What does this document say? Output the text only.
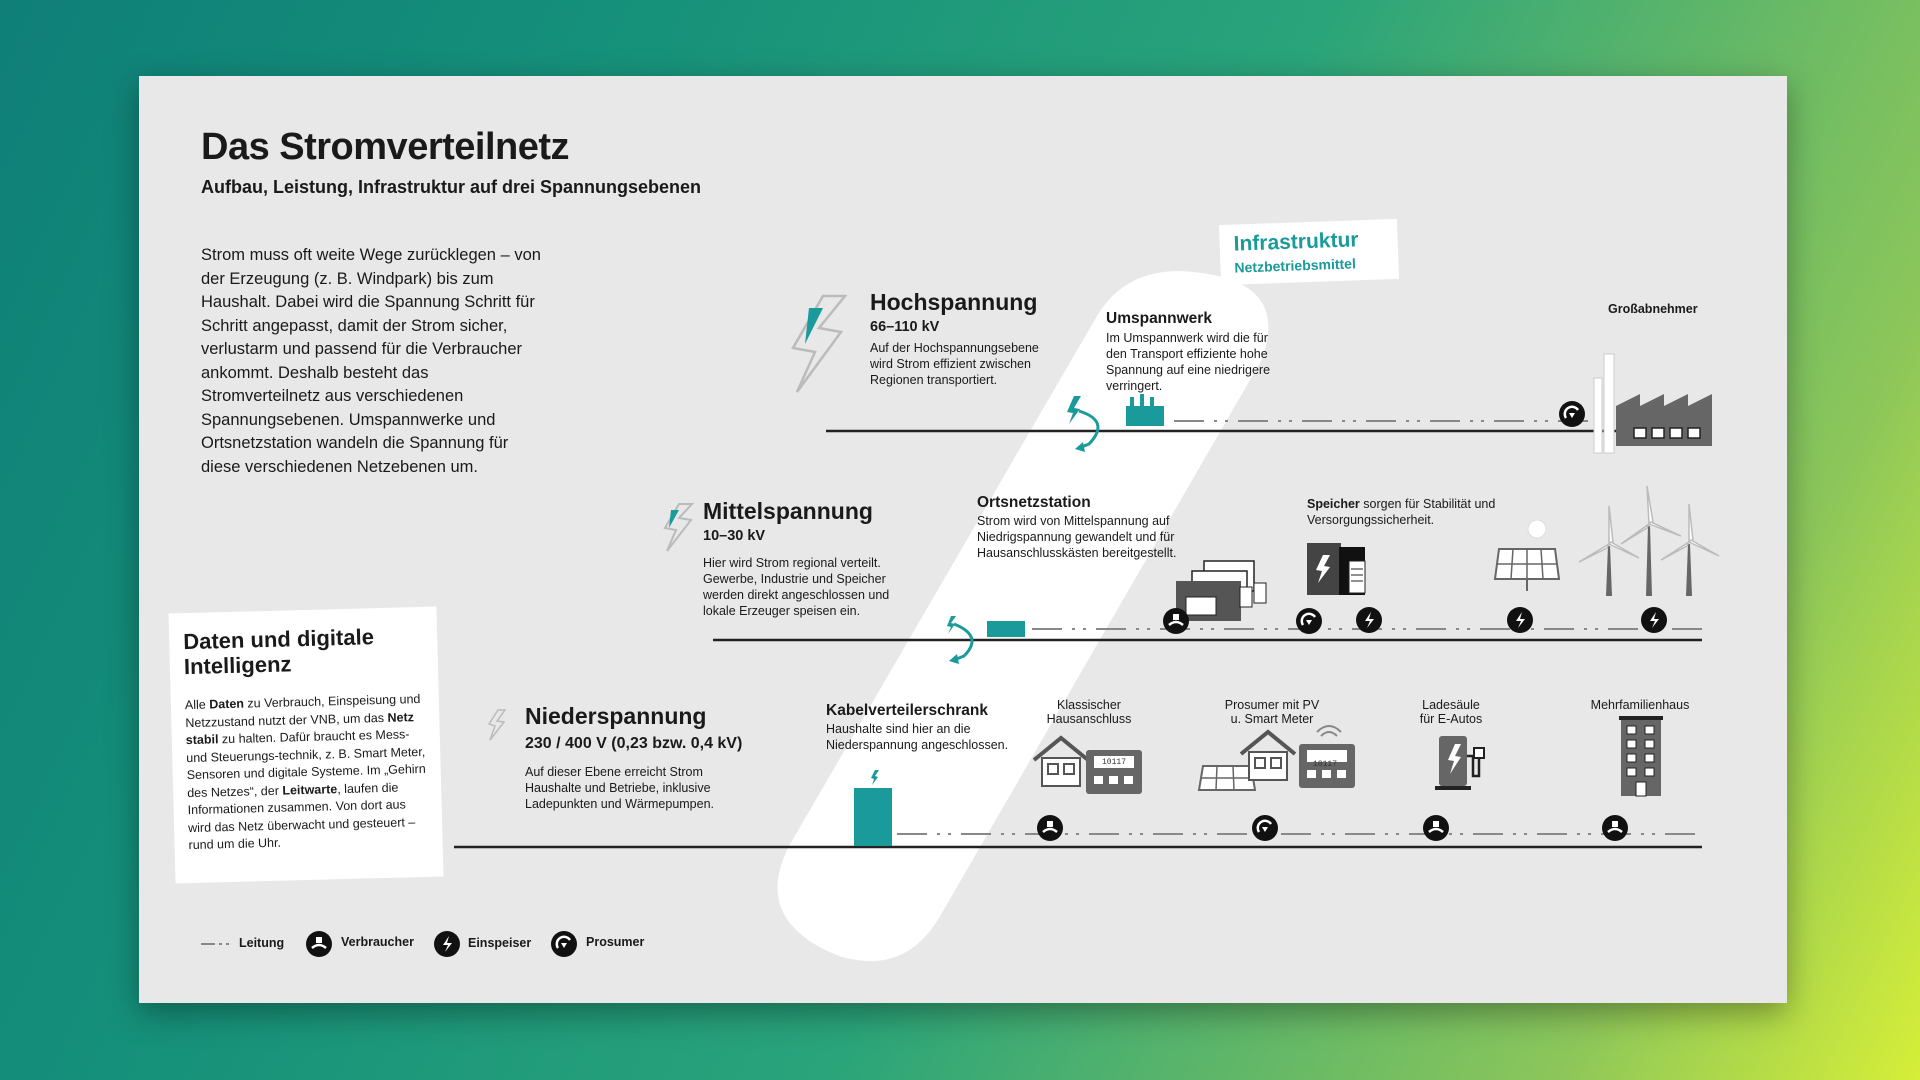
10117	10117
Das Stromverteilnetz
Aufbau, Leistung, Infrastruktur auf drei Spannungsebenen
Strom muss oft weite Wege zurücklegen – von der Erzeugung (z. B. Windpark) bis zum Haushalt. Dabei wird die Spannung Schritt für Schritt angepasst, damit der Strom sicher, verlustarm und passend für die Verbraucher ankommt. Deshalb besteht das Stromverteilnetz aus verschiedenen Spannungsebenen. Umspannwerke und Ortsnetzstation wandeln die Spannung für diese verschiedenen Netzebenen um.
Infrastruktur
Netzbetriebsmittel
Hochspannung
66–110 kV
Auf der Hochspannungsebene wird Strom effizient zwischen Regionen transportiert.
Umspannwerk
Im Umspannwerk wird die für den Transport effiziente hohe Spannung auf eine niedrigere verringert.
Großabnehmer
Mittelspannung
10–30 kV
Hier wird Strom regional verteilt. Gewerbe, Industrie und Speicher werden direkt angeschlossen und lokale Erzeuger speisen ein.
Ortsnetzstation
Strom wird von Mittelspannung auf Niedrigspannung gewandelt und für Hausanschlusskästen bereitgestellt.
Speicher sorgen für Stabilität und Versorgungssicherheit.
Niederspannung
230 / 400 V (0,23 bzw. 0,4 kV)
Auf dieser Ebene erreicht Strom Haushalte und Betriebe, inklusive Ladepunkten und Wärmepumpen.
Kabelverteilerschrank
Haushalte sind hier an die Niederspannung angeschlossen.
Klassischer
Hausanschluss
Prosumer mit PV
u. Smart Meter
Ladesäule
für E-Autos
Mehrfamilienhaus
Daten und digitale Intelligenz
Alle Daten zu Verbrauch, Einspeisung und Netzzustand nutzt der VNB, um das Netz stabil zu halten. Dafür braucht es Mess- und Steuerungs-technik, z. B. Smart Meter, Sensoren und digitale Systeme. Im „Gehirn des Netzes“, der Leitwarte, laufen die Informationen zusammen. Von dort aus wird das Netz überwacht und gesteuert – rund um die Uhr.
Leitung	Verbraucher	Einspeiser	Prosumer
